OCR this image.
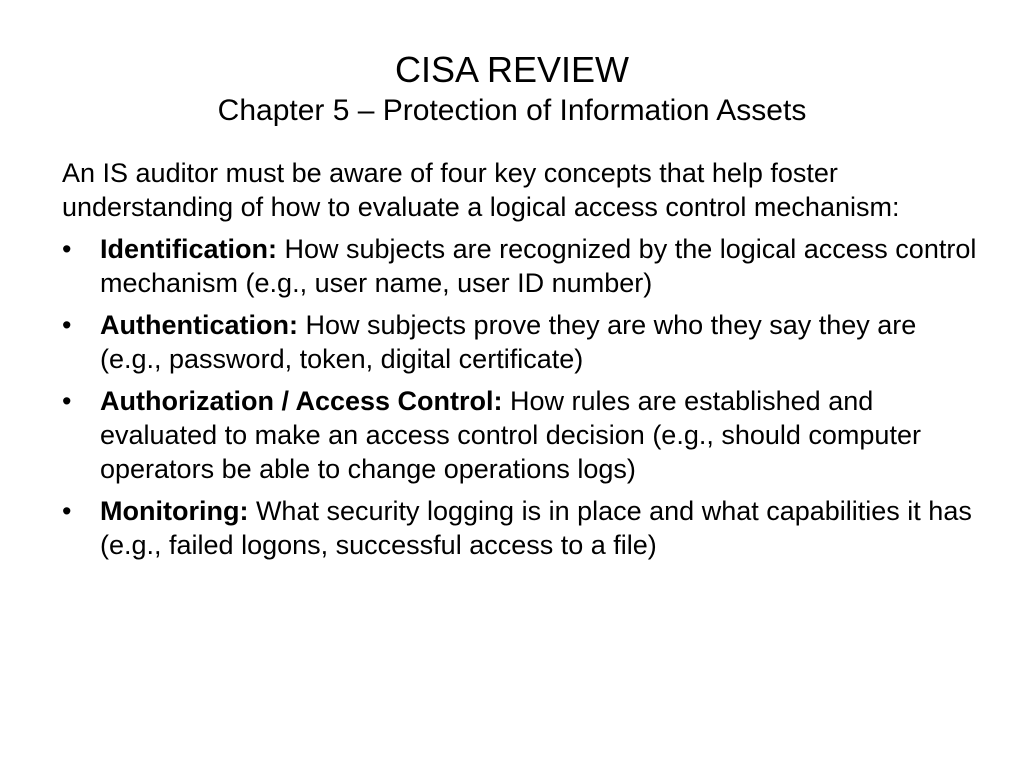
CISA REVIEW
Chapter 5 – Protection of Information Assets

An IS auditor must be aware of four key concepts that help foster understanding of how to evaluate a logical access control mechanism:

•	Identification: How subjects are recognized by the logical access control mechanism (e.g., user name, user ID number)
•	Authentication: How subjects prove they are who they say they are (e.g., password, token, digital certificate)
•	Authorization / Access Control: How rules are established and evaluated to make an access control decision (e.g., should computer operators be able to change operations logs)
•	Monitoring: What security logging is in place and what capabilities it has (e.g., failed logons, successful access to a file)
